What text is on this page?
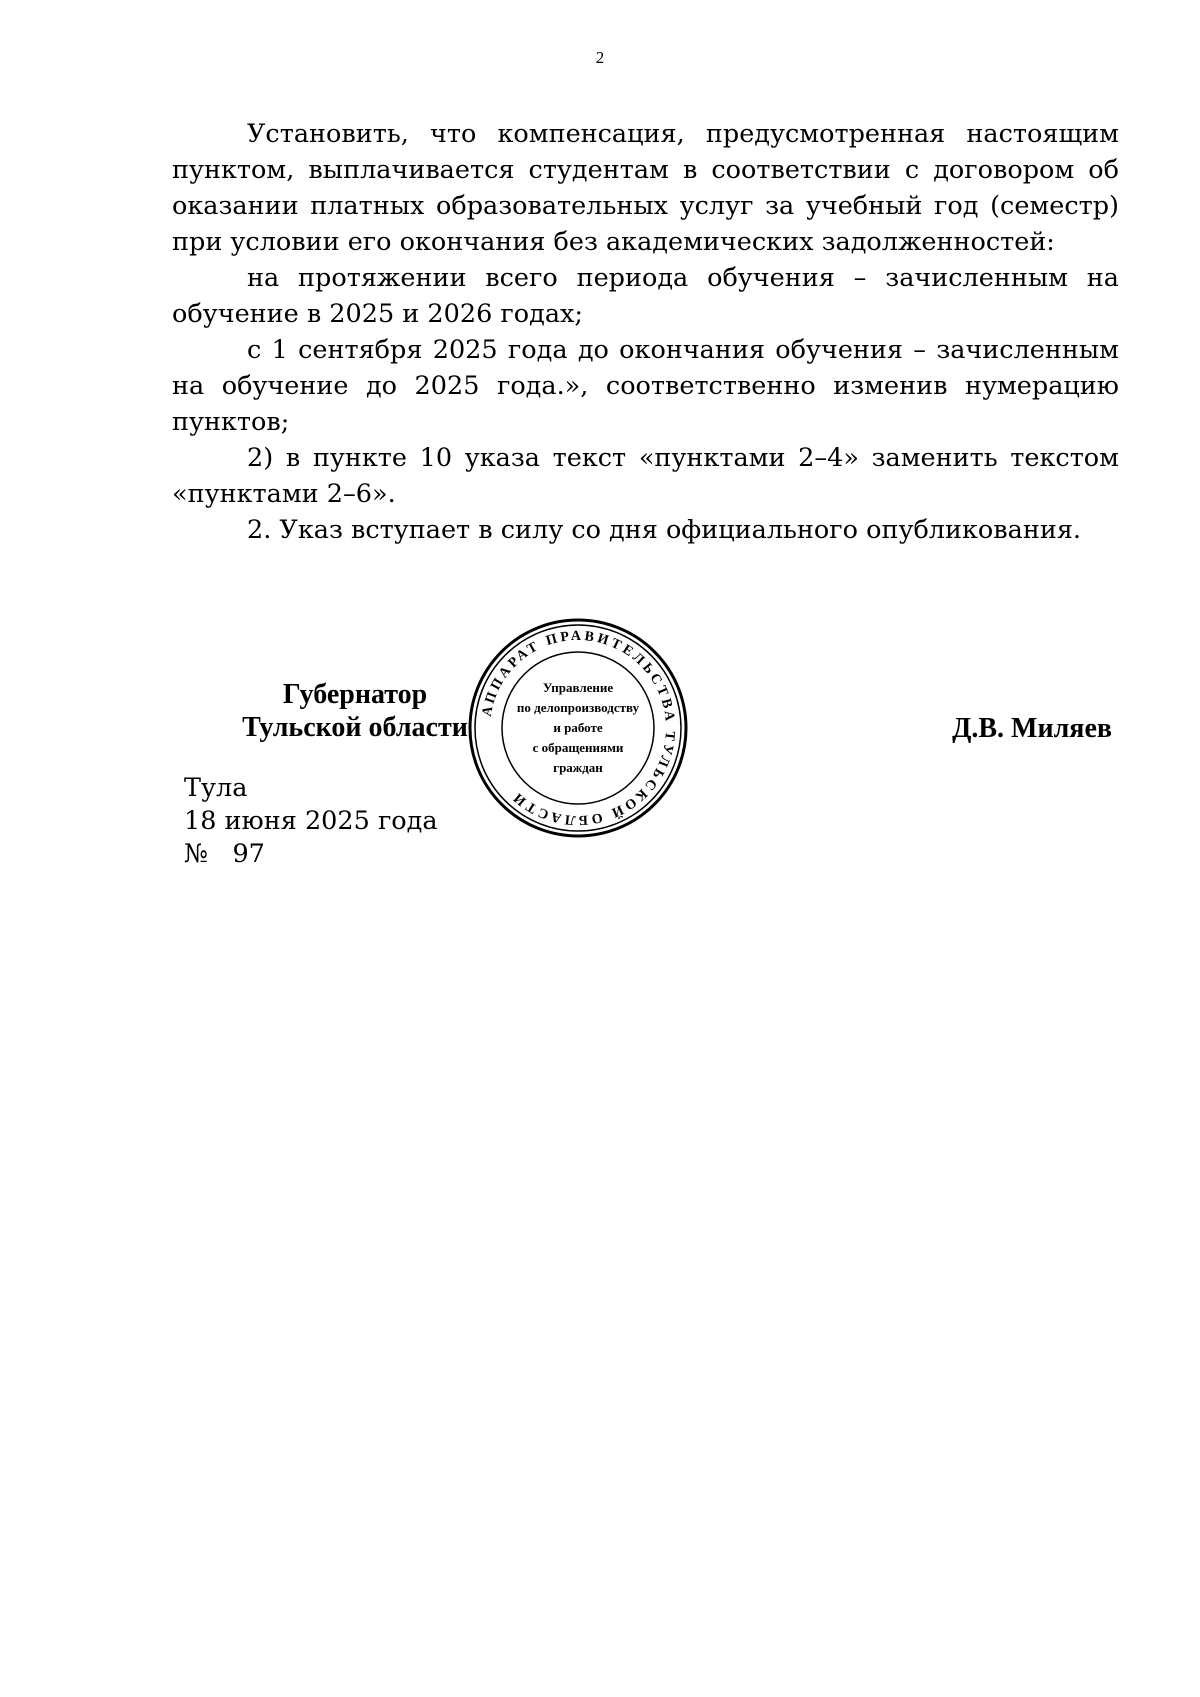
2

Установить, что компенсация, предусмотренная настоящим пунктом, выплачивается студентам в соответствии с договором об оказании платных образовательных услуг за учебный год (семестр) при условии его окончания без академических задолженностей:

на протяжении всего периода обучения – зачисленным на обучение в 2025 и 2026 годах;

с 1 сентября 2025 года до окончания обучения – зачисленным на обучение до 2025 года.», соответственно изменив нумерацию пунктов;

2) в пункте 10 указа текст «пунктами 2–4» заменить текстом «пунктами 2–6».

2. Указ вступает в силу со дня официального опубликования.

Губернатор
Тульской области	Д.В. Миляев
АППАРАТ ПРАВИТЕЛЬСТВА ТУЛЬСКОЙ ОБЛАСТИ
Управление
по делопроизводству
и работе
с обращениями
граждан
Тула
18 июня 2025 года
№   97
